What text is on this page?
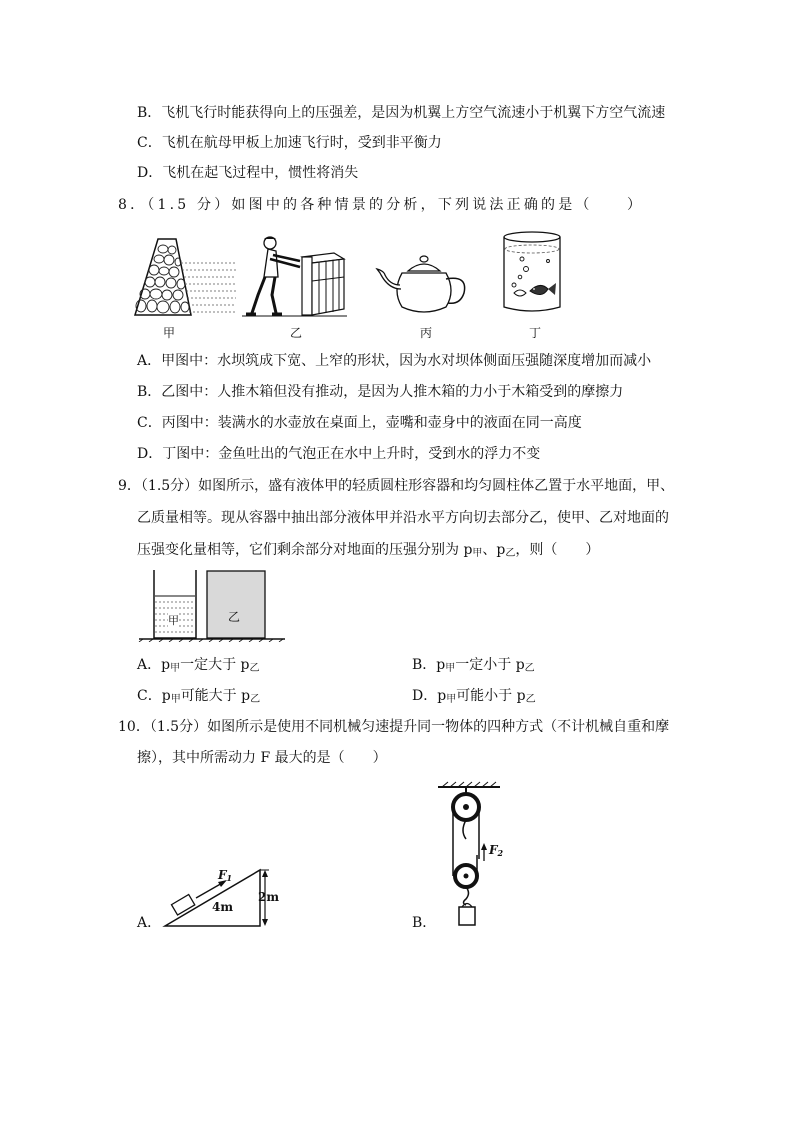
B．飞机飞行时能获得向上的压强差，是因为机翼上方空气流速小于机翼下方空气流速
C．飞机在航母甲板上加速飞行时，受到非平衡力
D．飞机在起飞过程中，惯性将消失
8．（1.5 分）如图中的各种情景的分析，下列说法正确的是（　　）
甲	乙	丙	丁
A．甲图中：水坝筑成下宽、上窄的形状，因为水对坝体侧面压强随深度增加而减小
B．乙图中：人推木箱但没有推动，是因为人推木箱的力小于木箱受到的摩擦力
C．丙图中：装满水的水壶放在桌面上，壶嘴和壶身中的液面在同一高度
D．丁图中：金鱼吐出的气泡正在水中上升时，受到水的浮力不变
9．（1.5分）如图所示，盛有液体甲的轻质圆柱形容器和均匀圆柱体乙置于水平地面，甲、
乙质量相等。现从容器中抽出部分液体甲并沿水平方向切去部分乙，使甲、乙对地面的
压强变化量相等，它们剩余部分对地面的压强分别为 $p_甲$、$p_乙$，则（　　）
甲	乙
A．$p_甲$一定大于 $p_乙$	B．$p_甲$一定小于 $p_乙$
C．$p_甲$可能大于 $p_乙$	D．$p_甲$可能小于 $p_乙$
10．（1.5分）如图所示是使用不同机械匀速提升同一物体的四种方式（不计机械自重和摩
擦），其中所需动力 F 最大的是（　　）
A．
$F_1$
4m
2m
B．
$F_2$
